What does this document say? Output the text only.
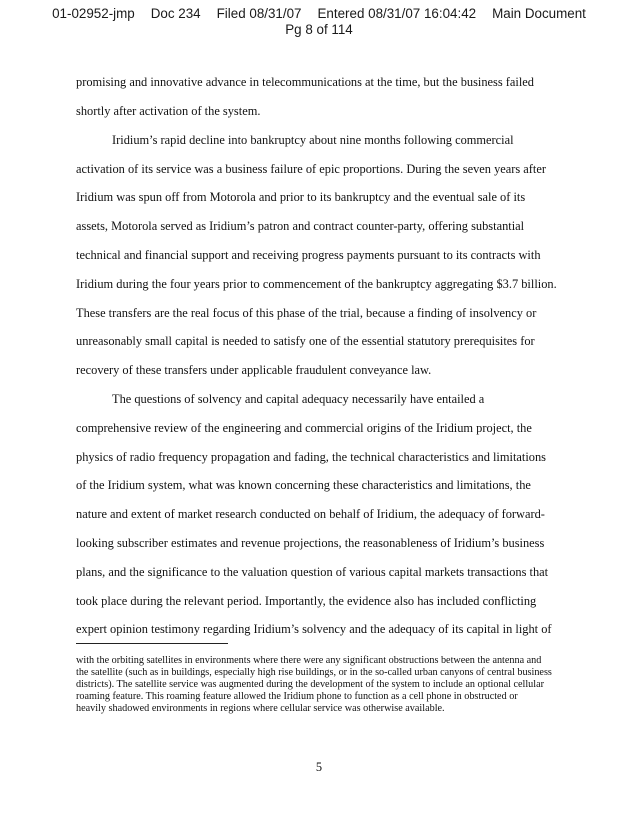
01-02952-jmp Doc 234 Filed 08/31/07 Entered 08/31/07 16:04:42 Main Document
Pg 8 of 114
promising and innovative advance in telecommunications at the time, but the business failed
shortly after activation of the system.
Iridium’s rapid decline into bankruptcy about nine months following commercial
activation of its service was a business failure of epic proportions. During the seven years after
Iridium was spun off from Motorola and prior to its bankruptcy and the eventual sale of its
assets, Motorola served as Iridium’s patron and contract counter-party, offering substantial
technical and financial support and receiving progress payments pursuant to its contracts with
Iridium during the four years prior to commencement of the bankruptcy aggregating $3.7 billion.
These transfers are the real focus of this phase of the trial, because a finding of insolvency or
unreasonably small capital is needed to satisfy one of the essential statutory prerequisites for
recovery of these transfers under applicable fraudulent conveyance law.
The questions of solvency and capital adequacy necessarily have entailed a
comprehensive review of the engineering and commercial origins of the Iridium project, the
physics of radio frequency propagation and fading, the technical characteristics and limitations
of the Iridium system, what was known concerning these characteristics and limitations, the
nature and extent of market research conducted on behalf of Iridium, the adequacy of forward-
looking subscriber estimates and revenue projections, the reasonableness of Iridium’s business
plans, and the significance to the valuation question of various capital markets transactions that
took place during the relevant period. Importantly, the evidence also has included conflicting
expert opinion testimony regarding Iridium’s solvency and the adequacy of its capital in light of
with the orbiting satellites in environments where there were any significant obstructions between the antenna and
the satellite (such as in buildings, especially high rise buildings, or in the so-called urban canyons of central business
districts). The satellite service was augmented during the development of the system to include an optional cellular
roaming feature. This roaming feature allowed the Iridium phone to function as a cell phone in obstructed or
heavily shadowed environments in regions where cellular service was otherwise available.
5
